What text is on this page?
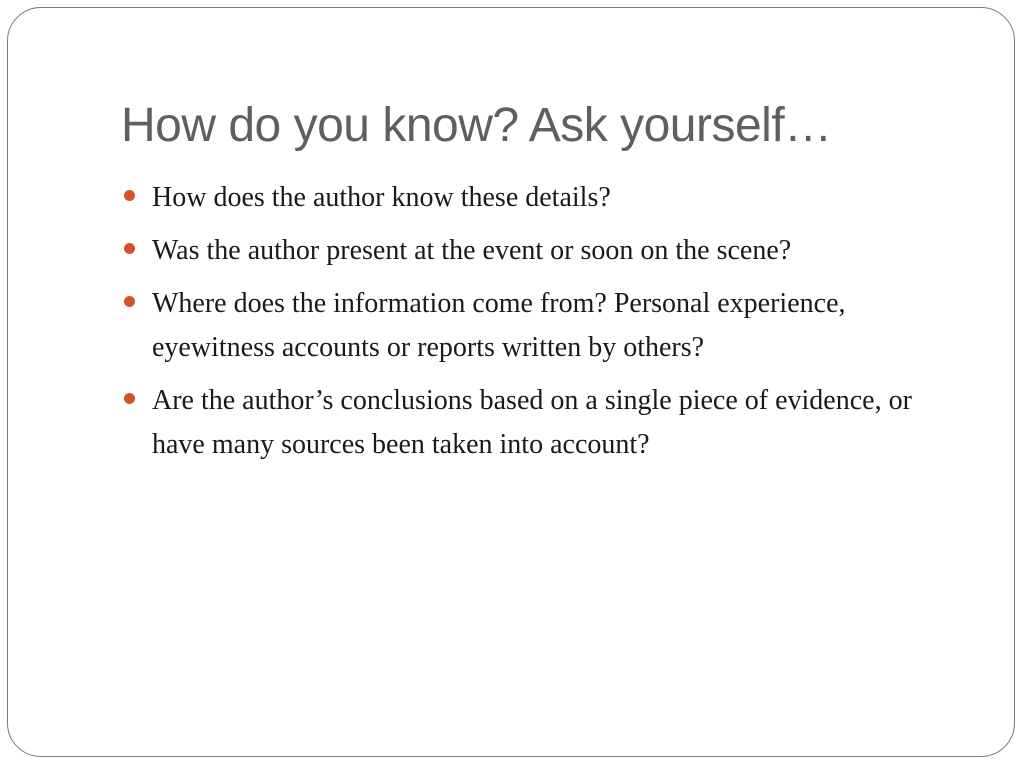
How do you know? Ask yourself…
How does the author know these details?
Was the author present at the event or soon on the scene?
Where does the information come from? Personal experience, eyewitness accounts or reports written by others?
Are the author’s conclusions based on a single piece of evidence, or have many sources been taken into account?
